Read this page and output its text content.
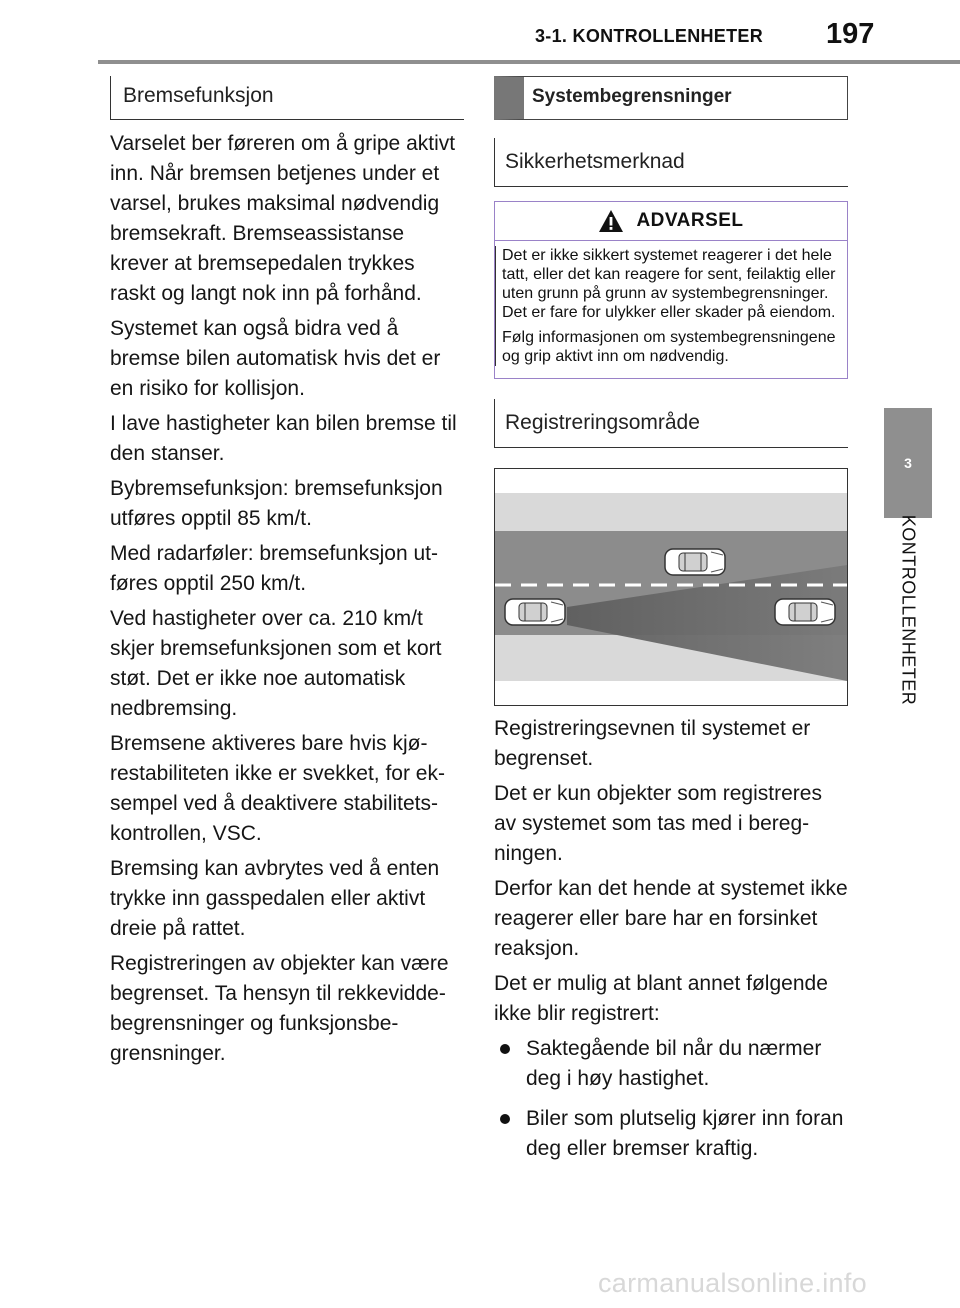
3-1. KONTROLLENHETER 197
3
KONTROLLENHETER
Bremsefunksjon

Varselet ber føreren om å gripe aktivt inn. Når bremsen betjenes under et varsel, brukes maksimal nødvendig bremsekraft. Bremseassistanse krever at bremsepedalen trykkes raskt og langt nok inn på forhånd.

Systemet kan også bidra ved å bremse bilen automatisk hvis det er en risiko for kollisjon.

I lave hastigheter kan bilen bremse til den stanser.

Bybremsefunksjon: bremsefunksjon utføres opptil 85 km/t.

Med radarføler: bremsefunksjon utføres opptil 250 km/t.

Ved hastigheter over ca. 210 km/t skjer bremsefunksjonen som et kort støt. Det er ikke noe automatisk nedbremsing.

Bremsene aktiveres bare hvis kjørestabiliteten ikke er svekket, for eksempel ved å deaktivere stabilitetskontrollen, VSC.

Bremsing kan avbrytes ved å enten trykke inn gasspedalen eller aktivt dreie på rattet.

Registreringen av objekter kan være begrenset. Ta hensyn til rekkeviddebegrensninger og funksjonsbegrensninger.

Systembegrensninger
Sikkerhetsmerknad
ADVARSEL

Det er ikke sikkert systemet reagerer i det hele tatt, eller det kan reagere for sent, feilaktig eller uten grunn på grunn av systembegrensninger. Det er fare for ulykker eller skader på eiendom.

Følg informasjonen om systembegrensningene og grip aktivt inn om nødvendig.

Registreringsområde

Registreringsevnen til systemet er begrenset.

Det er kun objekter som registreres av systemet som tas med i beregningen.

Derfor kan det hende at systemet ikke reagerer eller bare har en forsinket reaksjon.

Det er mulig at blant annet følgende ikke blir registrert:

Saktegående bil når du nærmer deg i høy hastighet.

Biler som plutselig kjører inn foran deg eller bremser kraftig.

carmanualsonline.info
